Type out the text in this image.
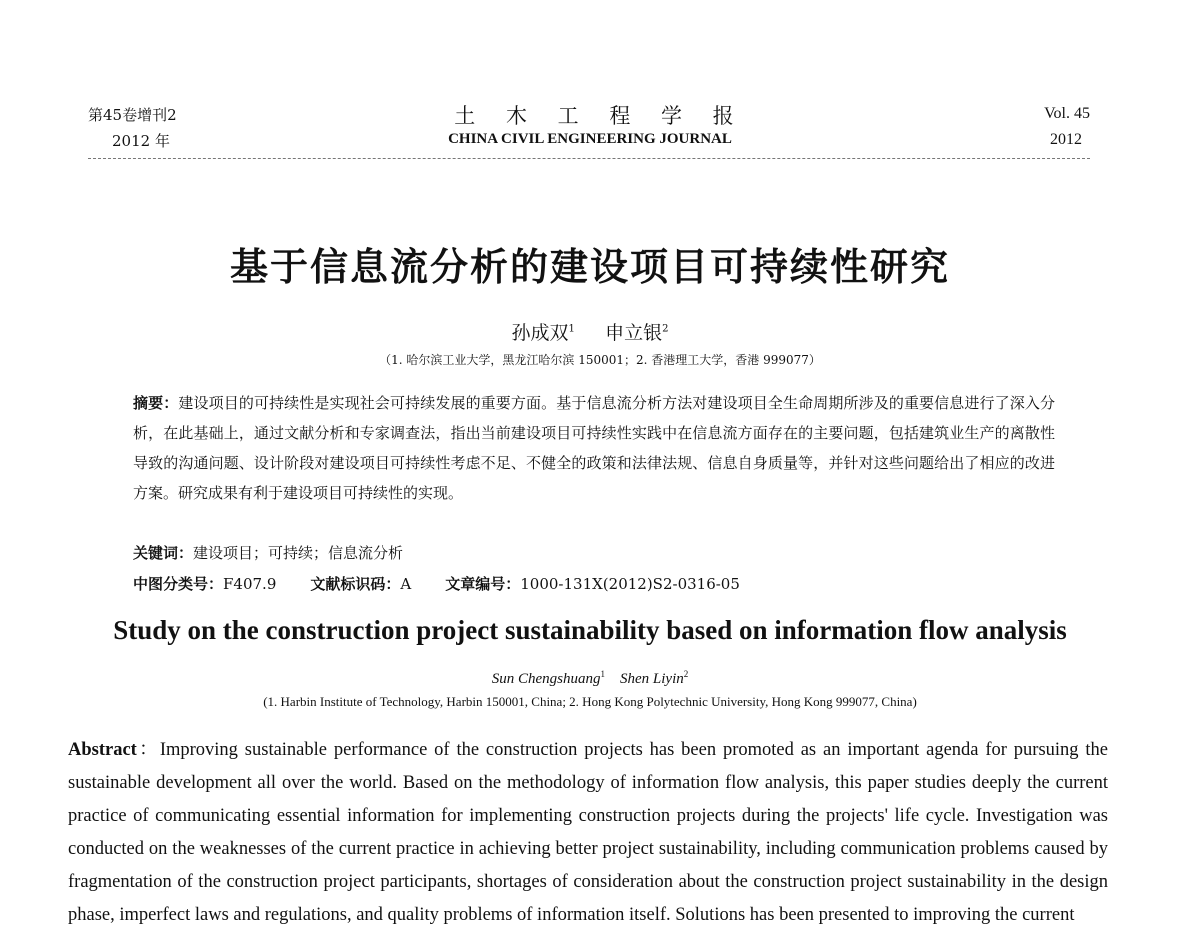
第45卷增刊2
2012 年
土 木 工 程 学 报
CHINA CIVIL ENGINEERING JOURNAL
Vol. 45
2012
基于信息流分析的建设项目可持续性研究
孙成双$^1$ 申立银$^2$
（1. 哈尔滨工业大学，黑龙江哈尔滨 150001；2. 香港理工大学，香港 999077）
摘要：建设项目的可持续性是实现社会可持续发展的重要方面。基于信息流分析方法对建设项目全生命周期所涉及的重要信息进行了深入分析，在此基础上，通过文献分析和专家调查法，指出当前建设项目可持续性实践中在信息流方面存在的主要问题，包括建筑业生产的离散性导致的沟通问题、设计阶段对建设项目可持续性考虑不足、不健全的政策和法律法规、信息自身质量等，并针对这些问题给出了相应的改进方案。研究成果有利于建设项目可持续性的实现。
关键词：建设项目；可持续；信息流分析
中图分类号：F407.9 文献标识码：A 文章编号：1000-131X(2012)S2-0316-05
Study on the construction project sustainability based on information flow analysis
Sun Chengshuang$^1$ Shen Liyin$^2$
(1. Harbin Institute of Technology, Harbin 150001, China; 2. Hong Kong Polytechnic University, Hong Kong 999077, China)
Abstract：Improving sustainable performance of the construction projects has been promoted as an important agenda for pursuing the sustainable development all over the world. Based on the methodology of information flow analysis, this paper studies deeply the current practice of communicating essential information for implementing construction projects during the projects' life cycle. Investigation was conducted on the weaknesses of the current practice in achieving better project sustainability, including communication problems caused by fragmentation of the construction project participants, shortages of consideration about the construction project sustainability in the design phase, imperfect laws and regulations, and quality problems of information itself. Solutions has been presented to improving the current
